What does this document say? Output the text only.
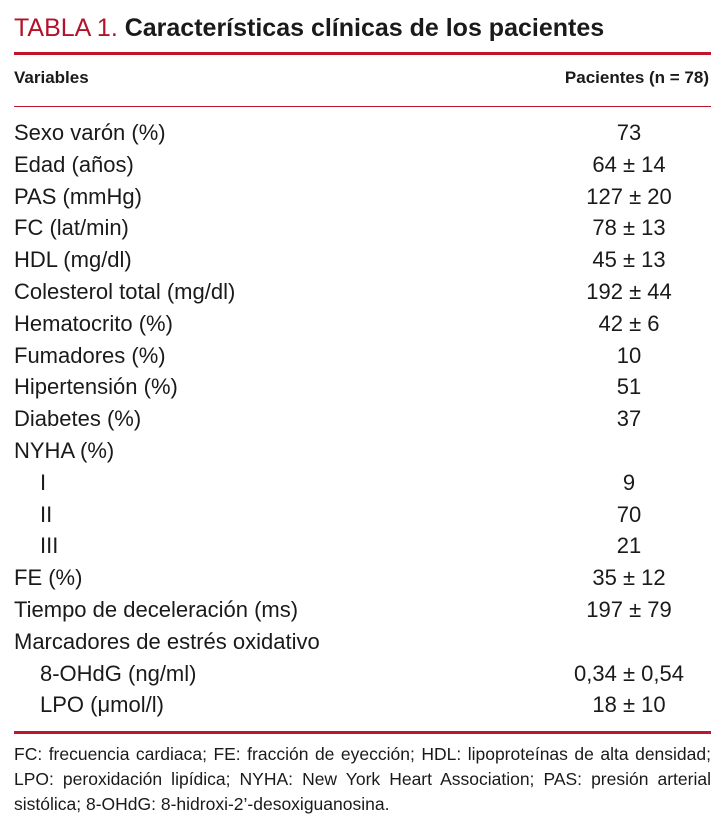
TABLA 1. Características clínicas de los pacientes
Variables	Pacientes (n = 78)
Sexo varón (%)	73
Edad (años)	64 ± 14
PAS (mmHg)	127 ± 20
FC (lat/min)	78 ± 13
HDL (mg/dl)	45 ± 13
Colesterol total (mg/dl)	192 ± 44
Hematocrito (%)	42 ± 6
Fumadores (%)	10
Hipertensión (%)	51
Diabetes (%)	37
NYHA (%)
I	9
II	70
III	21
FE (%)	35 ± 12
Tiempo de deceleración (ms)	197 ± 79
Marcadores de estrés oxidativo
8-OHdG (ng/ml)	0,34 ± 0,54
LPO (μmol/l)	18 ± 10
FC: frecuencia cardiaca; FE: fracción de eyección; HDL: lipoproteínas de alta densidad; LPO: peroxidación lipídica; NYHA: New York Heart Association; PAS: presión arterial sistólica; 8-OHdG: 8-hidroxi-2’-desoxiguanosina.
